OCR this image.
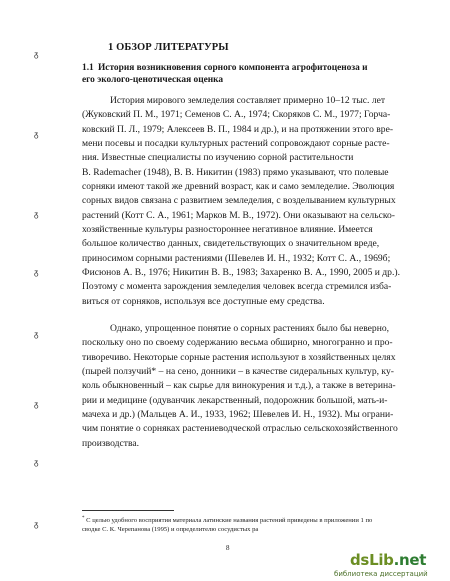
1 ОБЗОР ЛИТЕРАТУРЫ
1.1 История возникновения сорного компонента агрофитоценоза и
его эколого-ценотическая оценка
История мирового земледелия составляет примерно 10–12 тыс. лет
(Жуковский П. М., 1971; Семенов С. А., 1974; Скоряков С. М., 1977; Горча-
ковский П. Л., 1979; Алексеев В. П., 1984 и др.), и на протяжении этого вре-
мени посевы и посадки культурных растений сопровождают сорные расте-
ния. Известные специалисты по изучению сорной растительности
B. Rademacher (1948), В. В. Никитин (1983) прямо указывают, что полевые
сорняки имеют такой же древний возраст, как и само земледелие. Эволюция
сорных видов связана с развитием земледелия, с возделыванием культурных
растений (Котт С. А., 1961; Марков М. В., 1972). Они оказывают на сельско-
хозяйственные культуры разностороннее негативное влияние. Имеется
большое количество данных, свидетельствующих о значительном вреде,
приносимом сорными растениями (Шевелев И. Н., 1932; Котт С. А., 1969б;
Фисюнов А. В., 1976; Никитин В. В., 1983; Захаренко В. А., 1990, 2005 и др.).
Поэтому с момента зарождения земледелия человек всегда стремился изба-
виться от сорняков, используя все доступные ему средства.
Однако, упрощенное понятие о сорных растениях было бы неверно,
поскольку оно по своему содержанию весьма обширно, многогранно и про-
тиворечиво. Некоторые сорные растения используют в хозяйственных целях
(пырей ползучий* – на сено, донники – в качестве сидеральных культур, ку-
коль обыкновенный – как сырье для винокурения и т.д.), а также в ветерина-
рии и медицине (одуванчик лекарственный, подорожник большой, мать-и-
мачеха и др.) (Мальцев А. И., 1933, 1962; Шевелев И. Н., 1932). Мы ограни-
чим понятие о сорняках растениеводческой отраслью сельскохозяйственного
производства.
* С целью удобного восприятия материала латинские названия растений приведены в приложении 1 по
сводке С. К. Черепанова (1995) и определителю сосудистых ра
8
ᵹ
ᵹ
ᵹ
ᵹ
ᵹ
ᵹ
ᵹ
ᵹ
dsLib.net
библиотека диссертаций
